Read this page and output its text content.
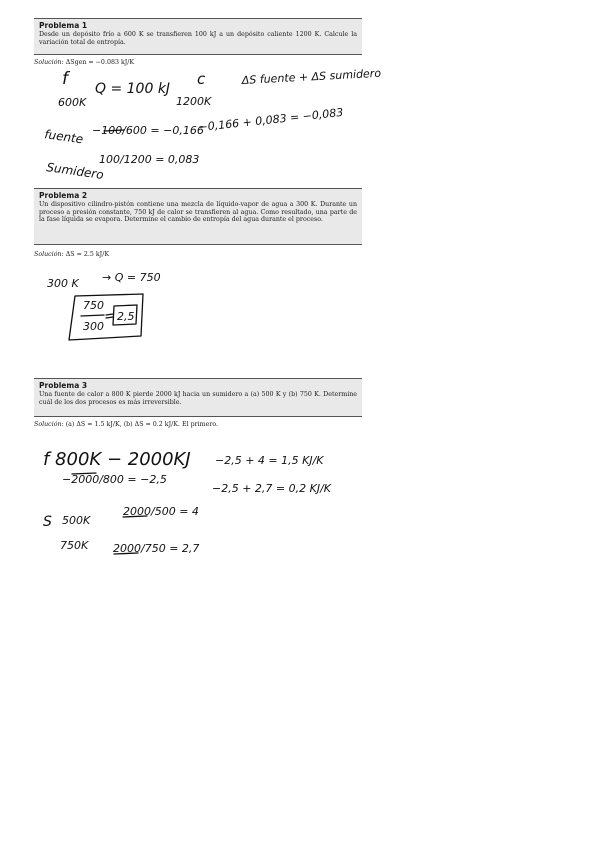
Problema 1

Desde un depósito frío a 600 K se transfieren 100 kJ a un depósito caliente 1200 K. Calcule la variación total de entropía.

Solución: ΔSgen = −0.083 kJ/K

Problema 2

Un dispositivo cilindro-pistón contiene una mezcla de líquido-vapor de agua a 300 K. Durante un proceso a presión constante, 750 kJ de calor se transfieren al agua. Como resultado, una parte de la fase líquida se evapora. Determine el cambio de entropía del agua durante el proceso.

Solución: ΔS = 2.5 kJ/K

Problema 3

Una fuente de calor a 800 K pierde 2000 kJ hacia un sumidero a (a) 500 K y (b) 750 K. Determine cuál de los dos procesos es más irreversible.

Solución: (a) ΔS = 1.5 kJ/K, (b) ΔS = 0.2 kJ/K. El primero.

f
600K
Q = 100 kJ
c
1200K
ΔS fuente + ΔS sumidero
fuente −100/600 = −0,166
−0,166 + 0,083 = −0,083
Sumidero
100/1200 = 0,083
300 K → Q = 750
750
300
2,5
f 800K − 2000KJ
−2000/800 = −2,5
−2,5 + 4 = 1,5 KJ/K
−2,5 + 2,7 = 0,2 KJ/K
S 500K
2000/500 = 4
750K 2000/750 = 2,7
